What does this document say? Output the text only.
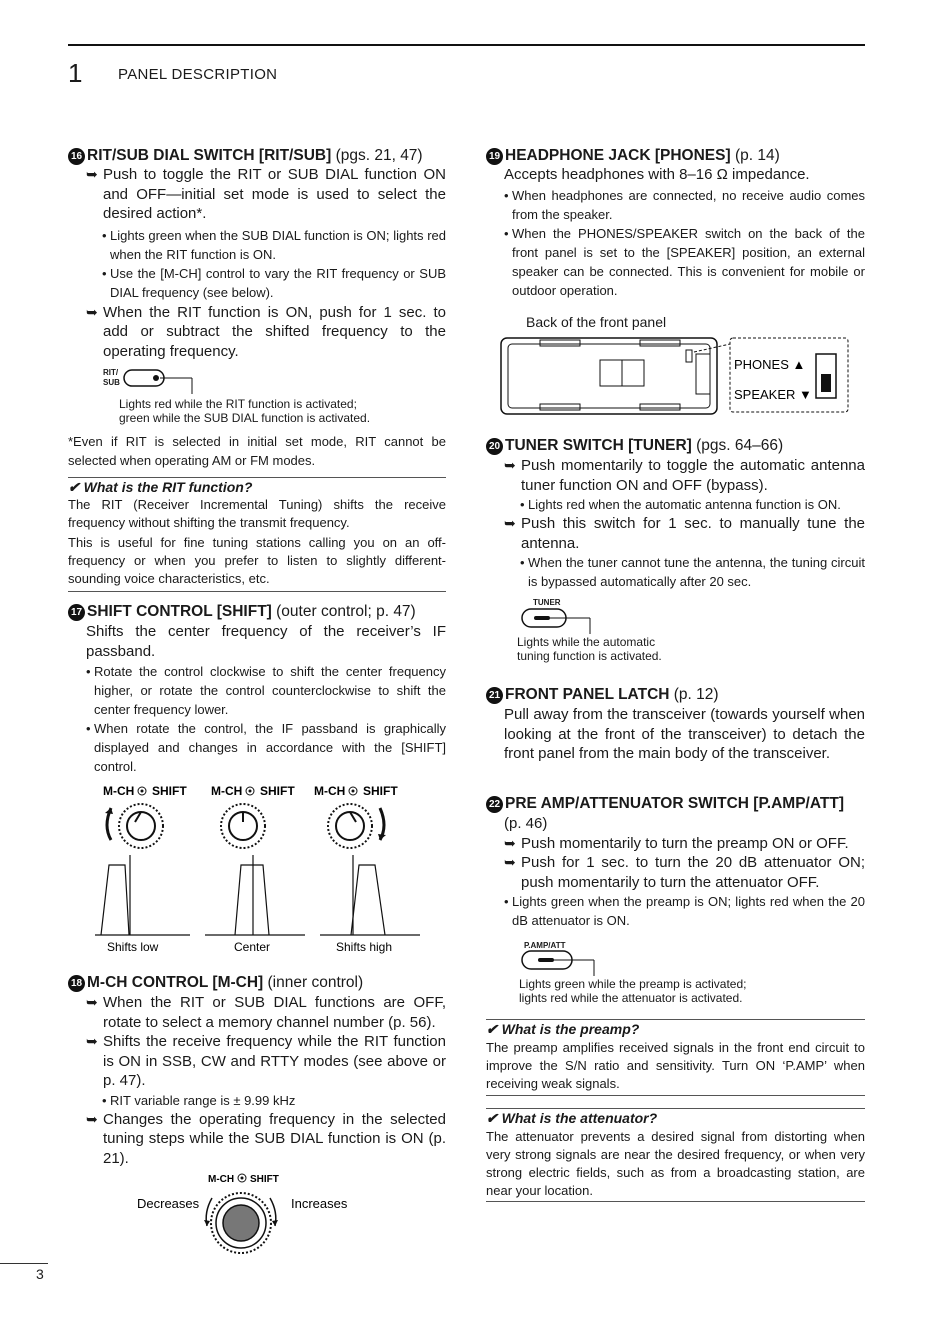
1 PANEL DESCRIPTION
16 RIT/SUB DIAL SWITCH [RIT/SUB] (pgs. 21, 47)
➥ Push to toggle the RIT or SUB DIAL function ON and OFF—initial set mode is used to select the desired action*.
• Lights green when the SUB DIAL function is ON; lights red when the RIT function is ON.
• Use the [M-CH] control to vary the RIT frequency or SUB DIAL frequency (see below).
➥ When the RIT function is ON, push for 1 sec. to add or subtract the shifted frequency to the operating frequency.
RIT/
SUB
Lights red while the RIT function is activated;
green while the SUB DIAL function is activated.
*Even if RIT is selected in initial set mode, RIT cannot be selected when operating AM or FM modes.
✔ What is the RIT function?
The RIT (Receiver Incremental Tuning) shifts the receive frequency without shifting the transmit frequency.
This is useful for fine tuning stations calling you on an off-frequency or when you prefer to listen to slightly different-sounding voice characteristics, etc.
17 SHIFT CONTROL [SHIFT] (outer control; p. 47)
Shifts the center frequency of the receiver’s IF passband.
• Rotate the control clockwise to shift the center frequency higher, or rotate the control counterclockwise to shift the center frequency lower.
• When rotate the control, the IF passband is graphically displayed and changes in accordance with the [SHIFT] control.
M-CH SHIFT M-CH SHIFT M-CH SHIFT
Shifts low	Center	Shifts high
18 M-CH CONTROL [M-CH] (inner control)
➥ When the RIT or SUB DIAL functions are OFF, rotate to select a memory channel number (p. 56).
➥ Shifts the receive frequency while the RIT function is ON in SSB, CW and RTTY modes (see above or p. 47).
• RIT variable range is ± 9.99 kHz
➥ Changes the operating frequency in the selected tuning steps while the SUB DIAL function is ON (p. 21).
M-CH SHIFT
Decreases	Increases
19 HEADPHONE JACK [PHONES] (p. 14)
Accepts headphones with 8–16 Ω impedance.
• When headphones are connected, no receive audio comes from the speaker.
• When the PHONES/SPEAKER switch on the back of the front panel is set to the [SPEAKER] position, an external speaker can be connected. This is convenient for mobile or outdoor operation.
Back of the front panel
PHONES ▲
SPEAKER ▼
20 TUNER SWITCH [TUNER] (pgs. 64–66)
➥ Push momentarily to toggle the automatic antenna tuner function ON and OFF (bypass).
• Lights red when the automatic antenna function is ON.
➥ Push this switch for 1 sec. to manually tune the antenna.
• When the tuner cannot tune the antenna, the tuning circuit is bypassed automatically after 20 sec.
TUNER
Lights while the automatic
tuning function is activated.
21 FRONT PANEL LATCH (p. 12)
Pull away from the transceiver (towards yourself when looking at the front of the transceiver) to detach the front panel from the main body of the transceiver.
22 PRE AMP/ATTENUATOR SWITCH [P.AMP/ATT]
(p. 46)
➥ Push momentarily to turn the preamp ON or OFF.
➥ Push for 1 sec. to turn the 20 dB attenuator ON; push momentarily to turn the attenuator OFF.
• Lights green when the preamp is ON; lights red when the 20 dB attenuator is ON.
P.AMP/ATT
Lights green while the preamp is activated;
lights red while the attenuator is activated.
✔ What is the preamp?
The preamp amplifies received signals in the front end circuit to improve the S/N ratio and sensitivity. Turn ON ‘P.AMP’ when receiving weak signals.
✔ What is the attenuator?
The attenuator prevents a desired signal from distorting when very strong signals are near the desired frequency, or when very strong electric fields, such as from a broadcasting station, are near your location.
3
